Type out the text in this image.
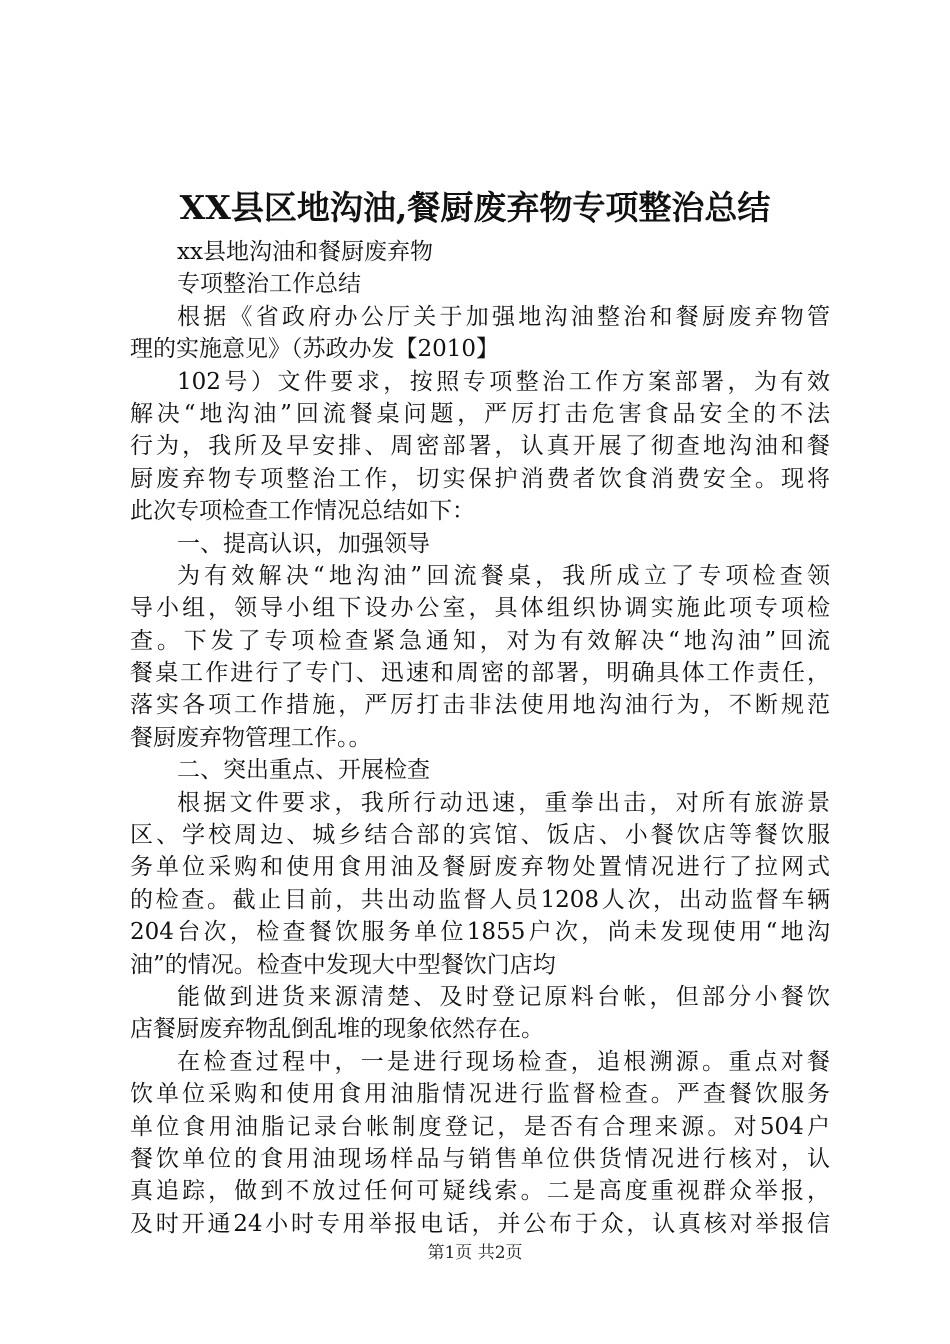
XX县区地沟油,餐厨废弃物专项整治总结
xx县地沟油和餐厨废弃物
专项整治工作总结
根据《省政府办公厅关于加强地沟油整治和餐厨废弃物管
理的实施意见》（苏政办发【2010】
102号）文件要求，按照专项整治工作方案部署，为有效
解决“地沟油”回流餐桌问题，严厉打击危害食品安全的不法
行为，我所及早安排、周密部署，认真开展了彻查地沟油和餐
厨废弃物专项整治工作，切实保护消费者饮食消费安全。现将
此次专项检查工作情况总结如下：
一、提高认识，加强领导
为有效解决“地沟油”回流餐桌，我所成立了专项检查领
导小组，领导小组下设办公室，具体组织协调实施此项专项检
查。下发了专项检查紧急通知，对为有效解决“地沟油”回流
餐桌工作进行了专门、迅速和周密的部署，明确具体工作责任，
落实各项工作措施，严厉打击非法使用地沟油行为，不断规范
餐厨废弃物管理工作。。
二、突出重点、开展检查
根据文件要求，我所行动迅速，重拳出击，对所有旅游景
区、学校周边、城乡结合部的宾馆、饭店、小餐饮店等餐饮服
务单位采购和使用食用油及餐厨废弃物处置情况进行了拉网式
的检查。截止目前，共出动监督人员1208人次，出动监督车辆
204台次，检查餐饮服务单位1855户次，尚未发现使用“地沟
油”的情况。检查中发现大中型餐饮门店均
能做到进货来源清楚、及时登记原料台帐，但部分小餐饮
店餐厨废弃物乱倒乱堆的现象依然存在。
在检查过程中，一是进行现场检查，追根溯源。重点对餐
饮单位采购和使用食用油脂情况进行监督检查。严查餐饮服务
单位食用油脂记录台帐制度登记，是否有合理来源。对504户
餐饮单位的食用油现场样品与销售单位供货情况进行核对，认
真追踪，做到不放过任何可疑线索。二是高度重视群众举报，
及时开通24小时专用举报电话，并公布于众，认真核对举报信
第1页 共2页
